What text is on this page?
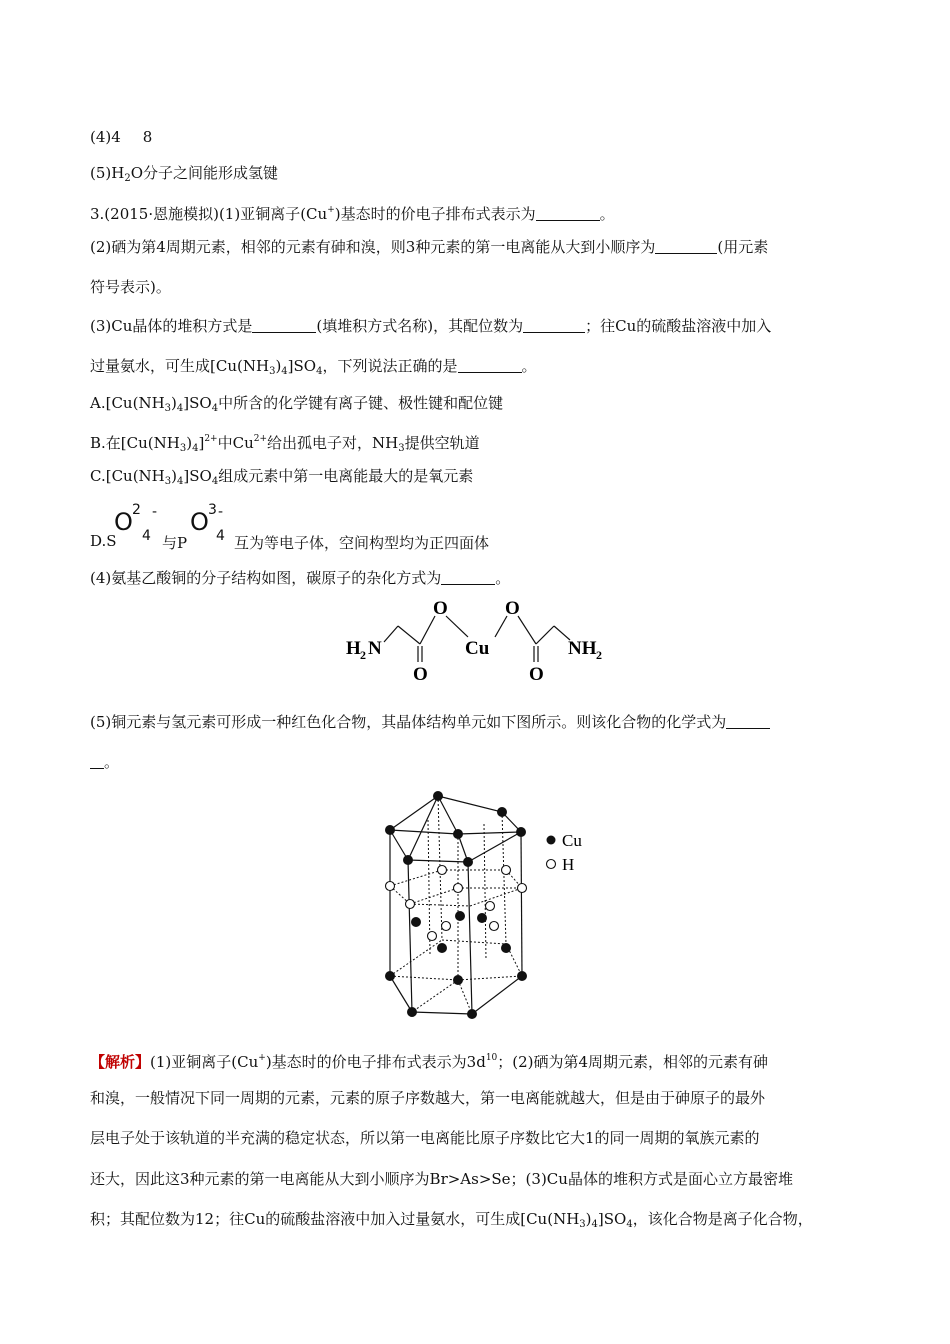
(4)4 8
$(5)H_2O$分子之间能形成氢键
3.(2015·恩施模拟)(1)亚铜离子(Cu+)基态时的价电子排布式表示为	。
(2)硒为第4周期元素，相邻的元素有砷和溴，则3种元素的第一电离能从大到小顺序为	(用元素
符号表示)。
(3)Cu晶体的堆积方式是	(填堆积方式名称)，其配位数为	；往Cu的硫酸盐溶液中加入
过量氨水，可生成$[Cu(NH_3)_4]SO_4$，下列说法正确的是	。
$A.[Cu(NH_3)_4]SO_4$中所含的化学键有离子键、极性键和配位键
B.在$[Cu(NH_3)_4]^{2+}$中$Cu^{2+}$给出孤电子对，$NH_3$提供空轨道
$C.[Cu(NH_3)_4]SO_4$组成元素中第一电离能最大的是氧元素
D.S
O 2 -
4 与P
O 3 -
4 互为等电子体，空间构型均为正四面体
(4)氨基乙酸铜的分子结构如图，碳原子的杂化方式为	。
H 2 N
O
O
Cu
O
O
NH 2
(5)铜元素与氢元素可形成一种红色化合物，其晶体结构单元如下图所示。则该化合物的化学式为
。
Cu
H
【解析】(1)亚铜离子(Cu+)基态时的价电子排布式表示为$3d^{10}$；(2)硒为第4周期元素，相邻的元素有砷
和溴，一般情况下同一周期的元素，元素的原子序数越大，第一电离能就越大，但是由于砷原子的最外
层电子处于该轨道的半充满的稳定状态，所以第一电离能比原子序数比它大1的同一周期的氧族元素的
还大，因此这3种元素的第一电离能从大到小顺序为Br>As>Se；(3)Cu晶体的堆积方式是面心立方最密堆
积；其配位数为12；往Cu的硫酸盐溶液中加入过量氨水，可生成$[Cu(NH_3)_4]SO_4$，该化合物是离子化合物，
